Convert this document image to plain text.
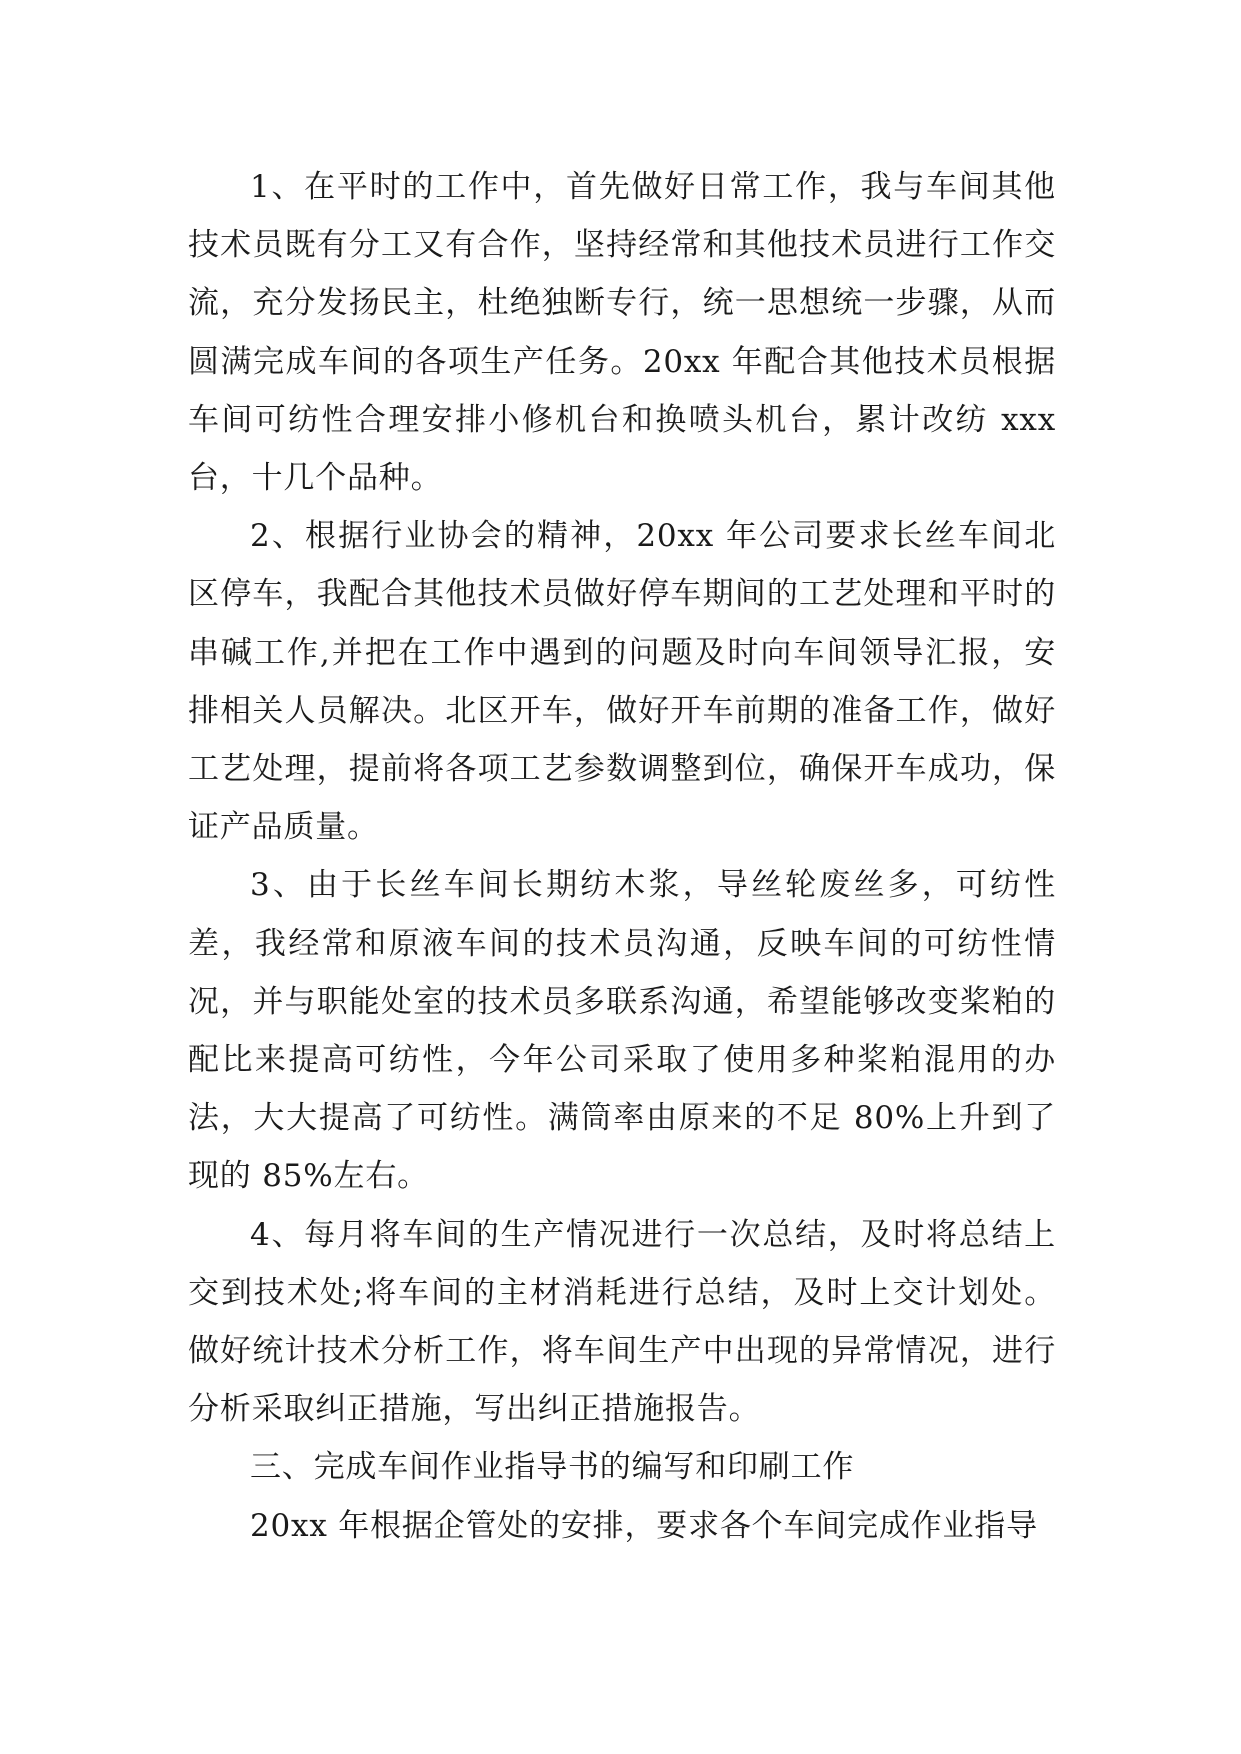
1、在平时的工作中，首先做好日常工作，我与车间其他技术员既有分工又有合作，坚持经常和其他技术员进行工作交流，充分发扬民主，杜绝独断专行，统一思想统一步骤，从而圆满完成车间的各项生产任务。20xx 年配合其他技术员根据车间可纺性合理安排小修机台和换喷头机台，累计改纺 xxx 台，十几个品种。

2、根据行业协会的精神，20xx 年公司要求长丝车间北区停车，我配合其他技术员做好停车期间的工艺处理和平时的串碱工作,并把在工作中遇到的问题及时向车间领导汇报，安排相关人员解决。北区开车，做好开车前期的准备工作，做好工艺处理，提前将各项工艺参数调整到位，确保开车成功，保证产品质量。

3、由于长丝车间长期纺木浆，导丝轮废丝多，可纺性差，我经常和原液车间的技术员沟通，反映车间的可纺性情况，并与职能处室的技术员多联系沟通，希望能够改变桨粕的配比来提高可纺性，今年公司采取了使用多种桨粕混用的办法，大大提高了可纺性。满筒率由原来的不足 80%上升到了现的 85%左右。

4、每月将车间的生产情况进行一次总结，及时将总结上交到技术处;将车间的主材消耗进行总结，及时上交计划处。做好统计技术分析工作，将车间生产中出现的异常情况，进行分析采取纠正措施，写出纠正措施报告。

三、完成车间作业指导书的编写和印刷工作

20xx 年根据企管处的安排，要求各个车间完成作业指导
